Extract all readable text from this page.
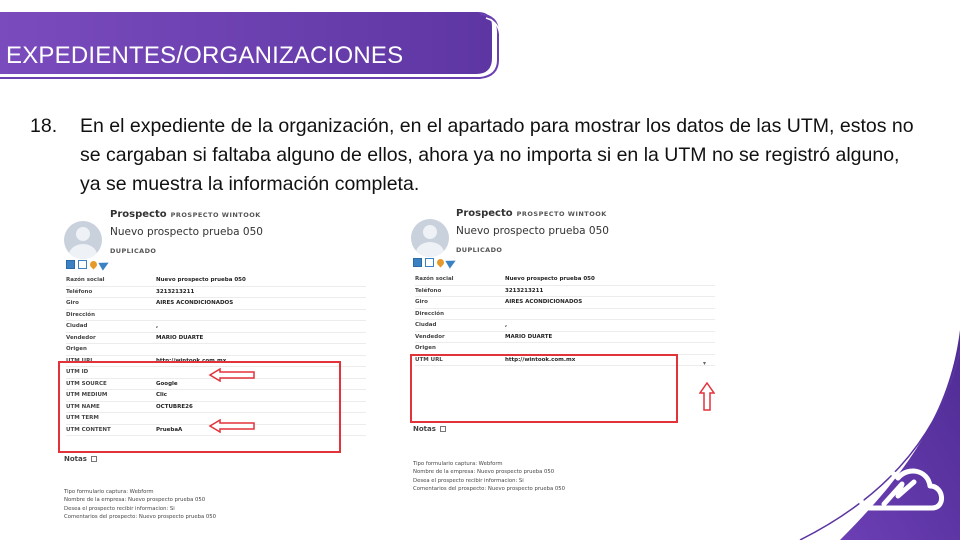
EXPEDIENTES/ORGANIZACIONES
18. En el expediente de la organización, en el apartado para mostrar los datos de las UTM, estos no se cargaban si faltaba alguno de ellos, ahora ya no importa si en la UTM no se registró alguno, ya se muestra la información completa.
Prospecto PROSPECTO WINTOOK
Nuevo prospecto prueba 050
DUPLICADO
Razón social	Nuevo prospecto prueba 050
Teléfono	3213213211
Giro	AIRES ACONDICIONADOS
Dirección
Ciudad	,
Vendedor	MARIO DUARTE
Origen
UTM URL	http://wintook.com.mx
UTM ID
UTM SOURCE	Google
UTM MEDIUM	Clic
UTM NAME	OCTUBRE26
UTM TERM
UTM CONTENT	PruebaA
Notas
Tipo formulario captura: Webform
Nombre de la empresa: Nuevo prospecto prueba 050
Desea el prospecto recibir informacion: Si
Comentarios del prospecto: Nuevo prospecto prueba 050
Prospecto PROSPECTO WINTOOK
Nuevo prospecto prueba 050
DUPLICADO
Razón social	Nuevo prospecto prueba 050
Teléfono	3213213211
Giro	AIRES ACONDICIONADOS
Dirección
Ciudad	,
Vendedor	MARIO DUARTE
Origen
UTM URL	http://wintook.com.mx
▾
Notas
Tipo formulario captura: Webform
Nombre de la empresa: Nuevo prospecto prueba 050
Desea el prospecto recibir informacion: Si
Comentarios del prospecto: Nuevo prospecto prueba 050
